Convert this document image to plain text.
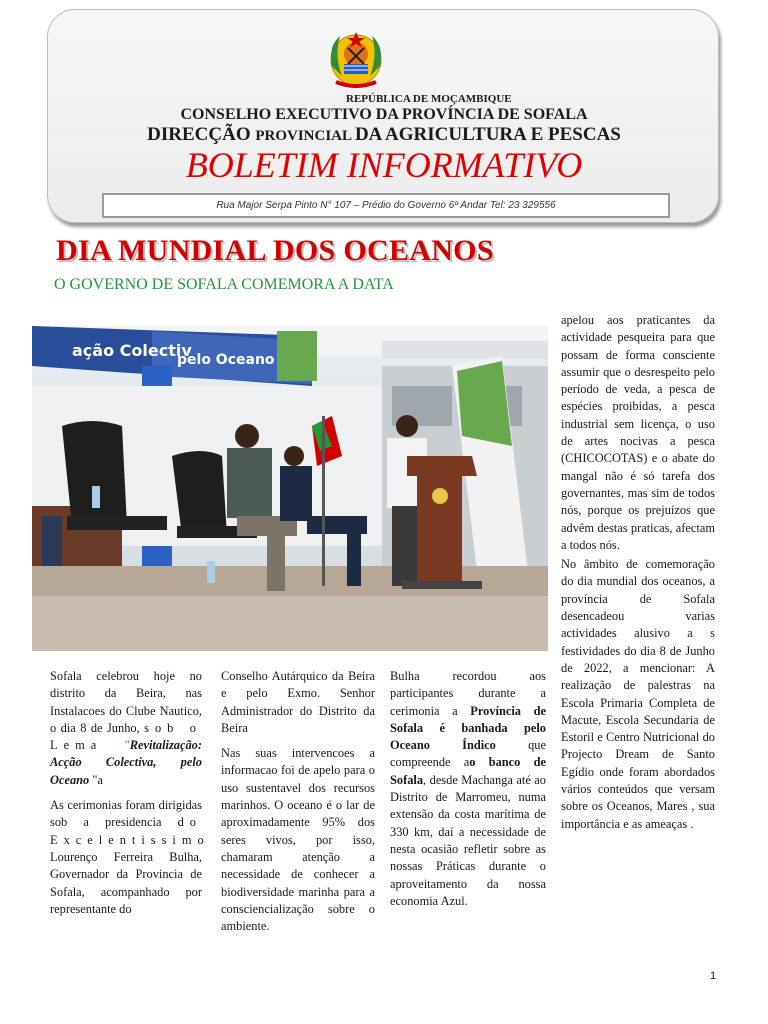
REPÚBLICA DE MOÇAMBIQUE
CONSELHO EXECUTIVO DA PROVÍNCIA DE SOFALA
DIRECÇÃO PROVINCIAL DA AGRICULTURA E PESCAS
BOLETIM INFORMATIVO
Rua Major Serpa Pinto N° 107 – Prédio do Governo 6º Andar Tel: 23 329556
DIA MUNDIAL DOS OCEANOS
O GOVERNO DE SOFALA COMEMORA A DATA
ação Colectiv
pelo Oceano

Sofala celebrou hoje no distrito da Beira, nas Instalacoes do Clube Nautico, o dia 8 de Junho, sob o Lema "Revitalização: Acção Colectiva, pelo Oceano "a

As cerimonias foram dirigidas sob a presidencia do Excelentissimo Lourenço Ferreira Bulha, Governador da Provincia de Sofala, acompanhado por representante do

Conselho Autárquico da Beira e pelo Exmo. Senhor Administrador do Distrito da Beira

Nas suas intervencoes a informacao foi de apelo para o uso sustentavel dos recursos marinhos. O oceano é o lar de aproximadamente 95% dos seres vivos, por isso, chamaram atenção a necessidade de conhecer a biodiversidade marinha para a consciencialização sobre o ambiente.

Bulha recordou aos participantes durante a cerimonia a Província de Sofala é banhada pelo Oceano Índico que compreende ao banco de Sofala, desde Machanga até ao Distrito de Marromeu, numa extensão da costa marítima de 330 km, daí a necessidade de nesta ocasião refletir sobre as nossas Práticas durante o aproveitamento da nossa economia Azul.

apelou aos praticantes da actividade pesqueira para que possam de forma consciente assumir que o desrespeito pelo período de veda, a pesca de espécies proibidas, a pesca industrial sem licença, o uso de artes nocivas a pesca (CHICOCOTAS) e o abate do mangal não é só tarefa dos governantes, mas sim de todos nós, porque os prejuízos que advêm destas praticas, afectam a todos nós.

No âmbito de comemoração do dia mundial dos oceanos, a província de Sofala desencadeou varias actividades alusivo a s festividades do dia 8 de Junho de 2022, a mencionar: A realização de palestras na Escola Primaria Completa de Macute, Escola Secundaria de Estoril e Centro Nutricional do Projecto Dream de Santo Egídio onde foram abordados vários conteúdos que versam sobre os Oceanos, Mares , sua importância e as ameaças .

1
